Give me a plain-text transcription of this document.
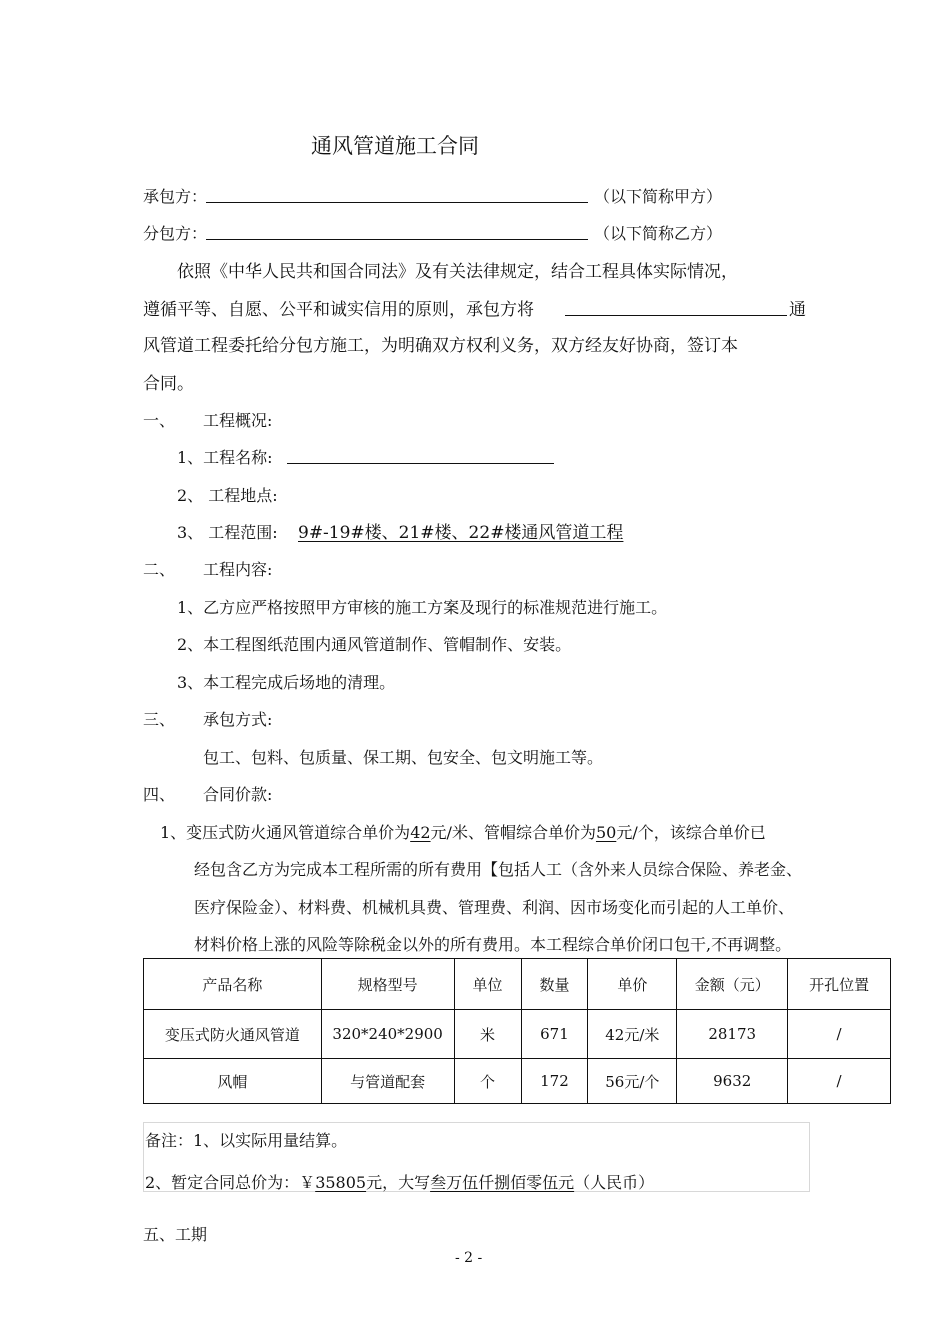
通风管道施工合同
承包方：	（以下简称甲方）
分包方：	（以下简称乙方）
依照《中华人民共和国合同法》及有关法律规定，结合工程具体实际情况，
遵循平等、自愿、公平和诚实信用的原则，承包方将	通
风管道工程委托给分包方施工，为明确双方权利义务，双方经友好协商，签订本
合同。
一、 工程概况:
1、工程名称:
2、 工程地点:
3、 工程范围: 9#-19#楼、21#楼、22#楼通风管道工程
二、 工程内容:
1、乙方应严格按照甲方审核的施工方案及现行的标准规范进行施工。
2、本工程图纸范围内通风管道制作、管帽制作、安装。
3、本工程完成后场地的清理。
三、 承包方式:
包工、包料、包质量、保工期、包安全、包文明施工等。
四、 合同价款:
1、变压式防火通风管道综合单价为42元/米、管帽综合单价为50元/个，该综合单价已
经包含乙方为完成本工程所需的所有费用【包括人工（含外来人员综合保险、养老金、
医疗保险金）、材料费、机械机具费、管理费、利润、因市场变化而引起的人工单价、
材料价格上涨的风险等除税金以外的所有费用。本工程综合单价闭口包干,不再调整。
产品名称	规格型号	单位	数量	单价	金额（元）	开孔位置
变压式防火通风管道	320*240*2900	米	671	42元/米	28173	/
风帽	与管道配套	个	172	56元/个	9632	/
备注：1、以实际用量结算。
2、暂定合同总价为：￥35805元，大写叁万伍仟捌佰零伍元（人民币）
五、工期
- 2 -
